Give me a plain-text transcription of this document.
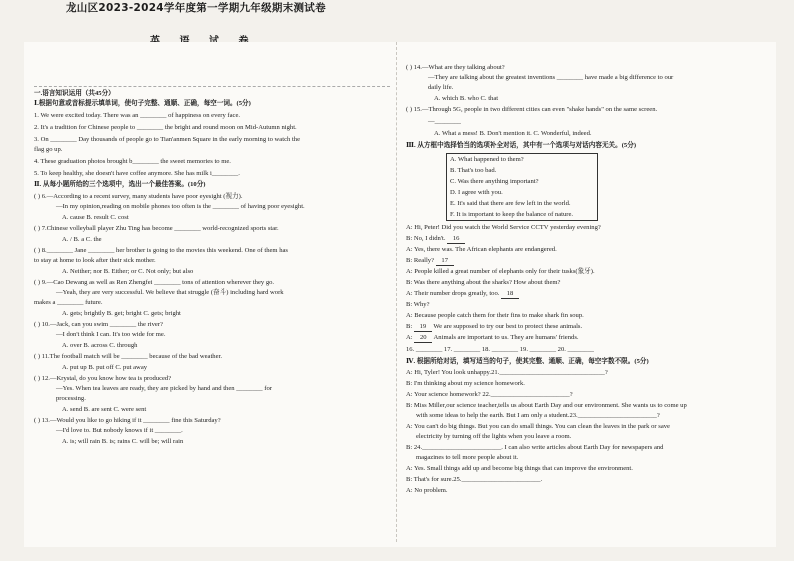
龙山区2023-2024学年度第一学期九年级期末测试卷
一.语言知识运用（共45分）
Ⅰ.根据句意或音标提示填单词，使句子完整、通顺、正确，每空一词。(5分)
1. We were excited today. There was an ________ of happiness on every face.
2. It's a tradition for Chinese people to ________ the bright and round moon on Mid-Autumn night.
3. On ________ Day thousands of people go to Tian'anmen Square in the early morning to watch the
flag go up.
4. These graduation photos brought b________ the sweet memories to me.
5. To keep healthy, she doesn't have coffee anymore. She has milk i________.
Ⅱ. 从每小题所给的三个选项中，选出一个最佳答案。(10分)
( ) 6.—According to a recent survey, many students have poor eyesight (视力).
—In my opinion,reading on mobile phones too often is the ________ of having poor eyesight.
A. cause B. result C. cost
( ) 7.Chinese volleyball player Zhu Ting has become ________ world-recognized sports star.
A. / B. a C. the
( ) 8.________ Jane ________ her brother is going to the movies this weekend. One of them has
to stay at home to look after their sick mother.
A. Neither; nor B. Either; or C. Not only; but also
( ) 9.—Cao Dewang as well as Ren Zhengfei ________ tons of attention wherever they go.
—Yeah, they are very successful. We believe that struggle (奋斗) including hard work
makes a ________ future.
A. gets; brightly B. get; bright C. gets; bright
( ) 10.—Jack, can you swim ________ the river?
—I don't think I can. It's too wide for me.
A. over B. across C. through
( ) 11.The football match will be ________ because of the bad weather.
A. put up B. put off C. put away
( ) 12.—Krystal, do you know how tea is produced?
—Yes. When tea leaves are ready, they are picked by hand and then ________ for
processing.
A. send B. are sent C. were sent
( ) 13.—Would you like to go hiking if it ________ fine this Saturday?
—I'd love to. But nobody knows if it ________.
A. is; will rain B. is; rains C. will be; will rain
( ) 14.—What are they talking about?
—They are talking about the greatest inventions ________ have made a big difference to our
daily life.
A. which B. who C. that
( ) 15.—Through 5G, people in two different cities can even "shake hands" on the same screen.
—________
A. What a mess! B. Don't mention it. C. Wonderful, indeed.
Ⅲ. 从方框中选择恰当的选项补全对话，其中有一个选项与对话内容无关。(5分)
A. What happened to them?
B. That's too bad.
C. Was there anything important?
D. I agree with you.
E. It's said that there are few left in the world.
F. It is important to keep the balance of nature.
A: Hi, Peter! Did you watch the World Service CCTV yesterday evening?
B: No, I didn't. 16
A: Yes, there was. The African elephants are endangered.
B: Really? 17
A: People killed a great number of elephants only for their tusks(象牙).
B: Was there anything about the sharks? How about them?
A: Their number drops greatly, too. 18
B: Why?
A: Because people catch them for their fins to make shark fin soup.
B: 19 We are supposed to try our best to protect these animals.
A: 20 Animals are important to us. They are humans' friends.
16. ________ 17. ________ 18. ________ 19. ________ 20. ________
Ⅳ. 根据所给对话，填写适当的句子，使其完整、通顺、正确，每空字数不限。(5分)
A: Hi, Tyler! You look unhappy.21.________________________________?
B: I'm thinking about my science homework.
A: Your science homework? 22.________________________?
B: Miss Miller,our science teacher,tells us about Earth Day and our environment. She wants us to come up
with some ideas to help the earth. But I am only a student.23.________________________?
A: You can't do big things. But you can do small things. You can clean the leaves in the park or save
electricity by turning off the lights when you leave a room.
B: 24.________________________. I can also write articles about Earth Day for newspapers and
magazines to tell more people about it.
A: Yes. Small things add up and become big things that can improve the environment.
B: That's for sure.25.________________________.
A: No problem.
